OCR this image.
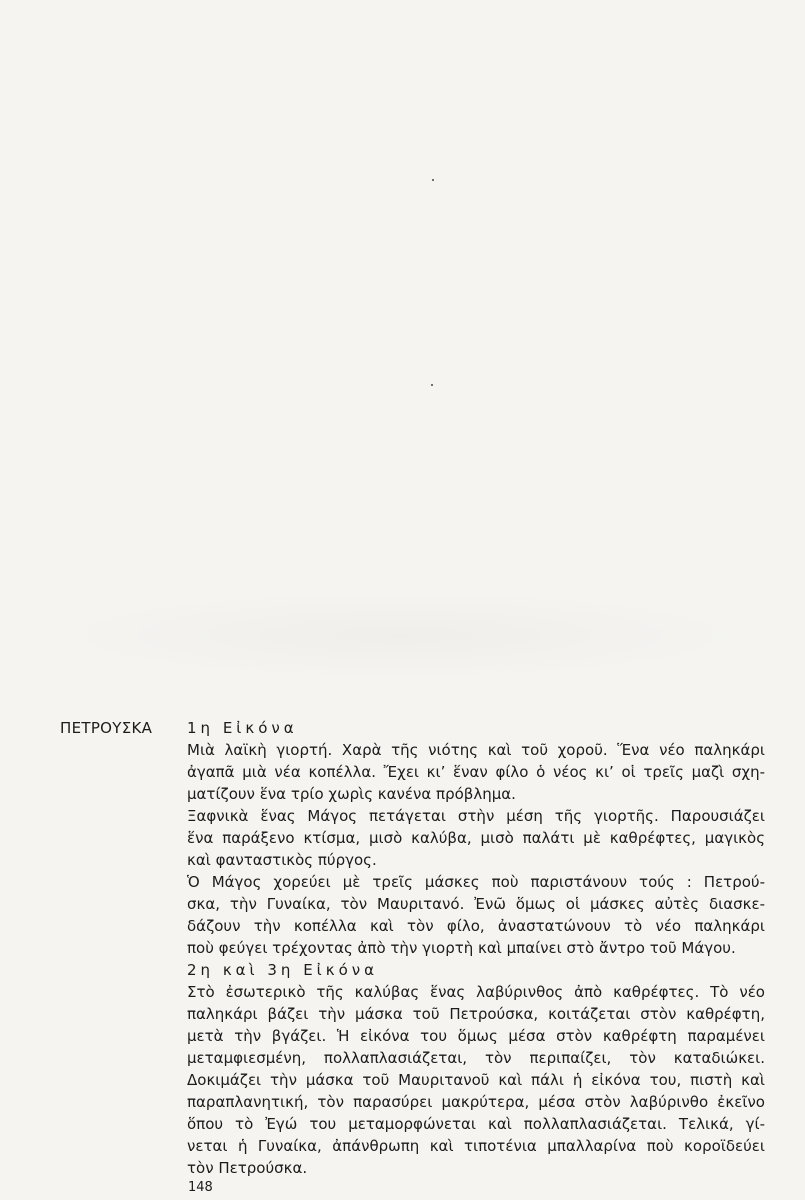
ΠΕΤΡΟΥΣΚΑ 1η Εἰκόνα
Μιὰ λαϊκὴ γιορτή. Χαρὰ τῆς νιότης καὶ τοῦ χοροῦ. Ἕνα νέο παληκάρι
ἀγαπᾶ μιὰ νέα κοπέλλα. Ἔχει κι’ ἕναν φίλο ὁ νέος κι’ οἱ τρεῖς μαζὶ σχη-
ματίζουν ἕνα τρίο χωρὶς κανένα πρόβλημα.
Ξαφνικὰ ἕνας Μάγος πετάγεται στὴν μέση τῆς γιορτῆς. Παρουσιάζει
ἕνα παράξενο κτίσμα, μισὸ καλύβα, μισὸ παλάτι μὲ καθρέφτες, μαγικὸς
καὶ φανταστικὸς πύργος.
Ὁ Μάγος χορεύει μὲ τρεῖς μάσκες ποὺ παριστάνουν τούς : Πετρού-
σκα, τὴν Γυναίκα, τὸν Μαυριτανό. Ἐνῶ ὅμως οἱ μάσκες αὐτὲς διασκε-
δάζουν τὴν κοπέλλα καὶ τὸν φίλο, ἀναστατώνουν τὸ νέο παληκάρι
ποὺ φεύγει τρέχοντας ἀπὸ τὴν γιορτὴ καὶ μπαίνει στὸ ἄντρο τοῦ Μάγου.
2η καὶ 3η Εἰκόνα
Στὸ ἐσωτερικὸ τῆς καλύβας ἕνας λαβύρινθος ἀπὸ καθρέφτες. Τὸ νέο
παληκάρι βάζει τὴν μάσκα τοῦ Πετρούσκα, κοιτάζεται στὸν καθρέφτη,
μετὰ τὴν βγάζει. Ἡ εἰκόνα του ὅμως μέσα στὸν καθρέφτη παραμένει
μεταμφιεσμένη, πολλαπλασιάζεται, τὸν περιπαίζει, τὸν καταδιώκει.
Δοκιμάζει τὴν μάσκα τοῦ Μαυριτανοῦ καὶ πάλι ἡ εἰκόνα του, πιστὴ καὶ
παραπλανητική, τὸν παρασύρει μακρύτερα, μέσα στὸν λαβύρινθο ἐκεῖνο
ὅπου τὸ Ἐγώ του μεταμορφώνεται καὶ πολλαπλασιάζεται. Τελικά, γί-
νεται ἡ Γυναίκα, ἀπάνθρωπη καὶ τιποτένια μπαλλαρίνα ποὺ κοροϊδεύει
τὸν Πετρούσκα.
148
